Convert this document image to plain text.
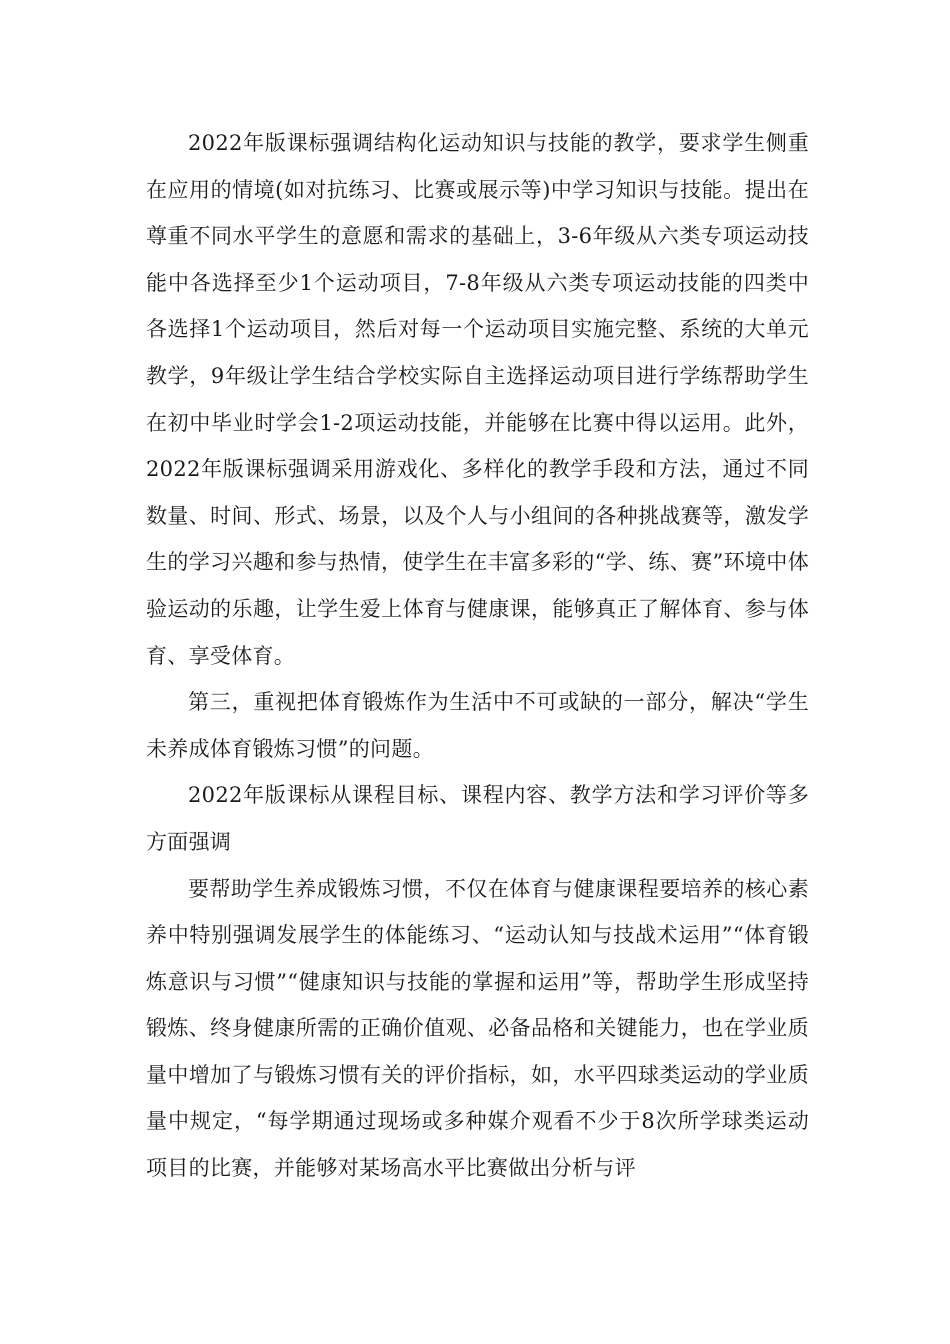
2022年版课标强调结构化运动知识与技能的教学，要求学生侧重在应用的情境(如对抗练习、比赛或展示等)中学习知识与技能。提出在尊重不同水平学生的意愿和需求的基础上，3-6年级从六类专项运动技能中各选择至少1个运动项目，7-8年级从六类专项运动技能的四类中各选择1个运动项目，然后对每一个运动项目实施完整、系统的大单元教学，9年级让学生结合学校实际自主选择运动项目进行学练帮助学生在初中毕业时学会1-2项运动技能，并能够在比赛中得以运用。此外，2022年版课标强调采用游戏化、多样化的教学手段和方法，通过不同数量、时间、形式、场景，以及个人与小组间的各种挑战赛等，激发学生的学习兴趣和参与热情，使学生在丰富多彩的“学、练、赛”环境中体验运动的乐趣，让学生爱上体育与健康课，能够真正了解体育、参与体育、享受体育。

第三，重视把体育锻炼作为生活中不可或缺的一部分，解决“学生未养成体育锻炼习惯”的问题。

2022年版课标从课程目标、课程内容、教学方法和学习评价等多方面强调

要帮助学生养成锻炼习惯，不仅在体育与健康课程要培养的核心素养中特别强调发展学生的体能练习、“运动认知与技战术运用”“体育锻炼意识与习惯”“健康知识与技能的掌握和运用”等，帮助学生形成坚持锻炼、终身健康所需的正确价值观、必备品格和关键能力，也在学业质量中增加了与锻炼习惯有关的评价指标，如，水平四球类运动的学业质量中规定，“每学期通过现场或多种媒介观看不少于8次所学球类运动项目的比赛，并能够对某场高水平比赛做出分析与评
